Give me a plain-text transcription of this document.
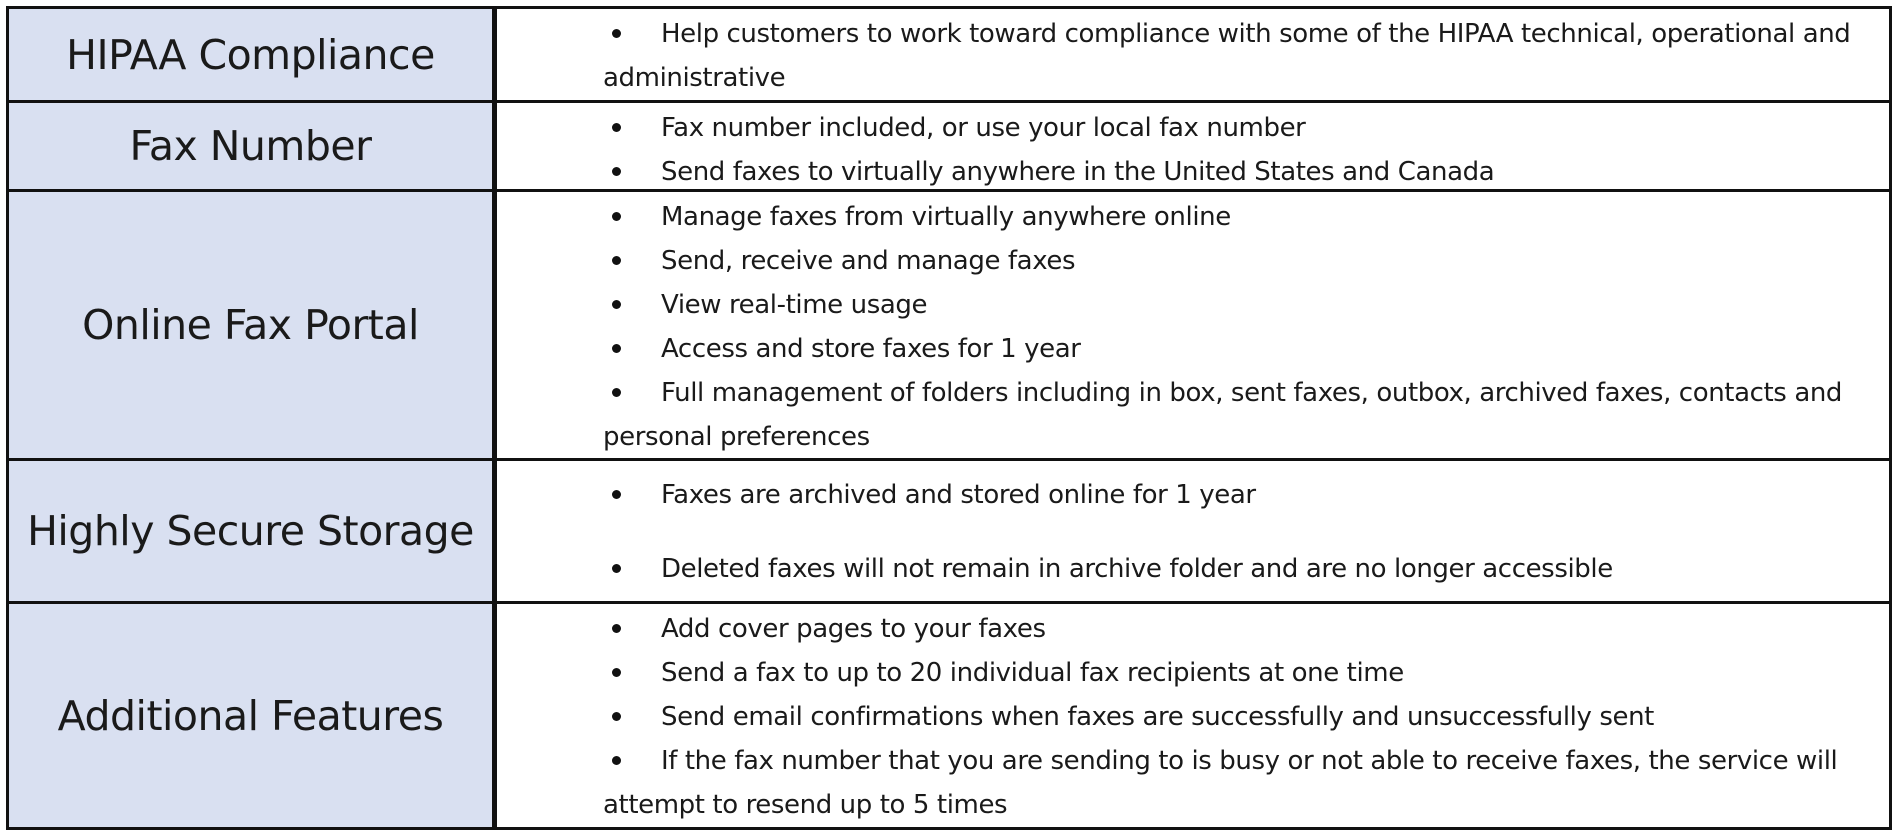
HIPAA Compliance	Help customers to work toward compliance with some of the HIPAA technical, operational and
administrative
Fax Number	Fax number included, or use your local fax number
Send faxes to virtually anywhere in the United States and Canada
Online Fax Portal
Manage faxes from virtually anywhere online
Send, receive and manage faxes
View real-time usage
Access and store faxes for 1 year
Full management of folders including in box, sent faxes, outbox, archived faxes, contacts and
personal preferences
Highly Secure Storage
Faxes are archived and stored online for 1 year
Deleted faxes will not remain in archive folder and are no longer accessible
Additional Features
Add cover pages to your faxes
Send a fax to up to 20 individual fax recipients at one time
Send email confirmations when faxes are successfully and unsuccessfully sent
If the fax number that you are sending to is busy or not able to receive faxes, the service will
attempt to resend up to 5 times
